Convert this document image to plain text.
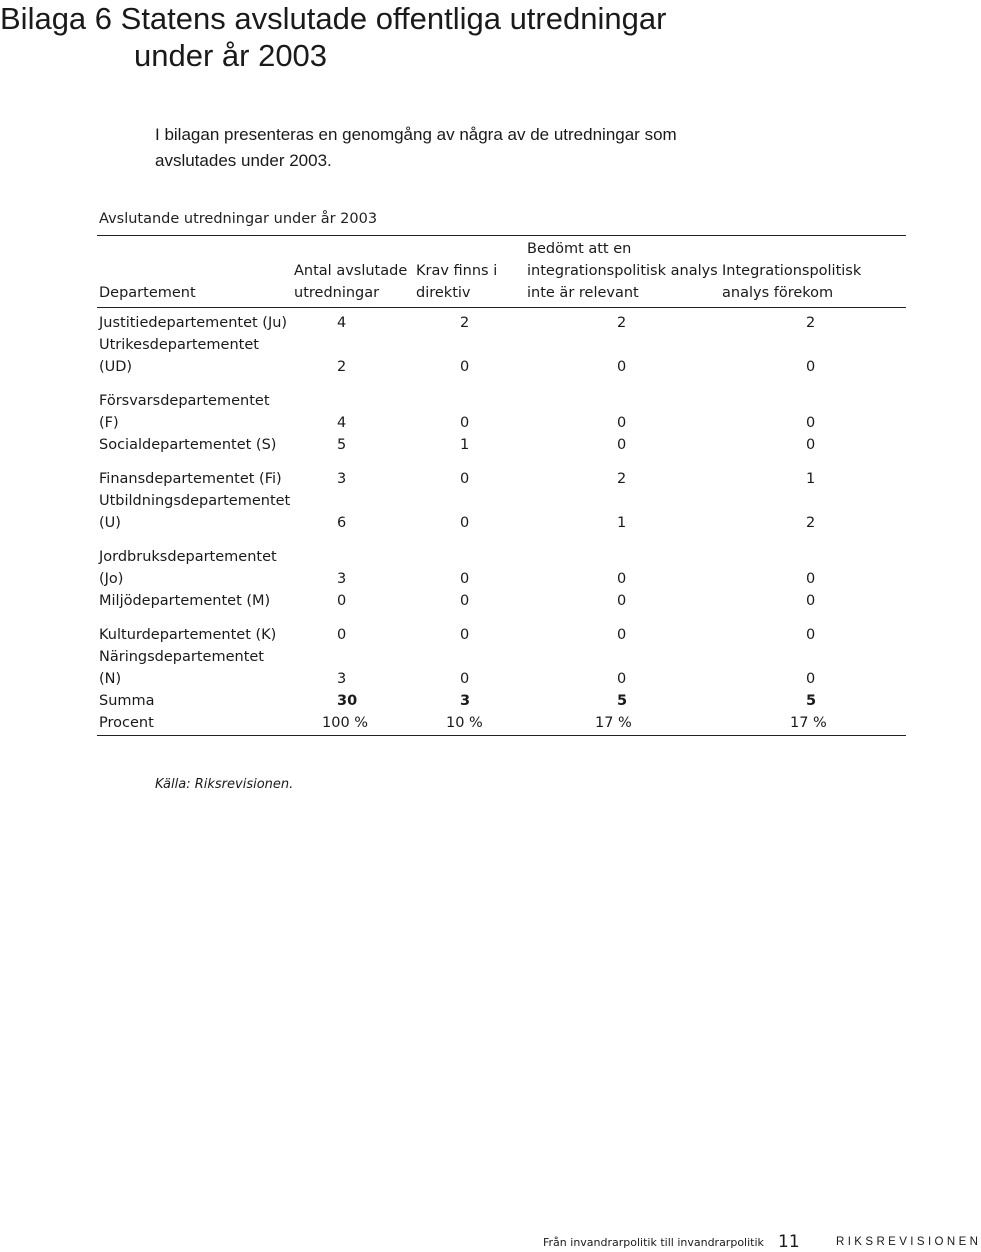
Bilaga 6 Statens avslutade offentliga utredningar
under år 2003

I bilagan presenteras en genomgång av några av de utredningar som avslutades under 2003.

Avslutande utredningar under år 2003

Departement	Antal avslutade utredningar	Krav finns i direktiv	Bedömt att en integrationspolitisk analys inte är relevant	Integrationspolitisk analys förekom
Justitiedepartementet (Ju)	4	2	2	2
Utrikesdepartementet (UD)	2	0	0	0
Försvarsdepartementet (F)	4	0	0	0
Socialdepartementet (S)	5	1	0	0
Finansdepartementet (Fi)	3	0	2	1
Utbildningsdepartementet (U)	6	0	1	2
Jordbruksdepartementet (Jo)	3	0	0	0
Miljödepartementet (M)	0	0	0	0
Kulturdepartementet (K)	0	0	0	0
Näringsdepartementet (N)	3	0	0	0
Summa	30	3	5	5
Procent	100 %	10 %	17 %	17 %

Källa: Riksrevisionen.

Från invandrarpolitik till invandrarpolitik 11	RIKSREVISIONEN
